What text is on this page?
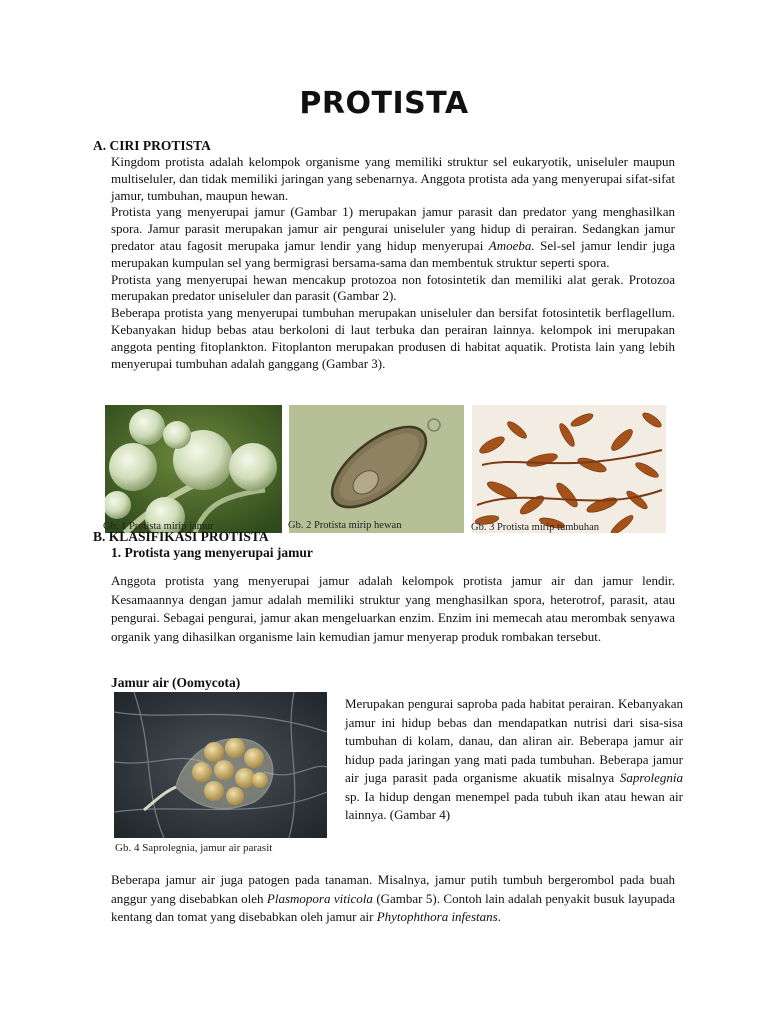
PROTISTA
A. CIRI PROTISTA
Kingdom protista adalah kelompok organisme yang memiliki struktur sel eukaryotik, uniseluler maupun multiseluler, dan tidak memiliki jaringan yang sebenarnya. Anggota protista ada yang menyerupai sifat-sifat jamur, tumbuhan, maupun hewan.
Protista yang menyerupai jamur (Gambar 1) merupakan jamur parasit dan predator yang menghasilkan spora. Jamur parasit merupakan jamur air pengurai uniseluler yang hidup di perairan. Sedangkan jamur predator atau fagosit merupaka jamur lendir yang hidup menyerupai Amoeba. Sel-sel jamur lendir juga merupakan kumpulan sel yang bermigrasi bersama-sama dan membentuk struktur seperti spora.
Protista yang menyerupai hewan mencakup protozoa non fotosintetik dan memiliki alat gerak. Protozoa merupakan predator uniseluler dan parasit (Gambar 2).
Beberapa protista yang menyerupai tumbuhan merupakan uniseluler dan bersifat fotosintetik berflagellum. Kebanyakan hidup bebas atau berkoloni di laut terbuka dan perairan lainnya. kelompok ini merupakan anggota penting fitoplankton. Fitoplanton merupakan produsen di habitat aquatik. Protista lain yang lebih menyerupai tumbuhan adalah ganggang (Gambar 3).
Gb. 1 Protista mirip jamur	Gb. 2 Protista mirip hewan	Gb. 3 Protista mirip tumbuhan
B. KLASIFIKASI PROTISTA
1. Protista yang menyerupai jamur
Anggota protista yang menyerupai jamur adalah kelompok protista jamur air dan jamur lendir. Kesamaannya dengan jamur adalah memiliki struktur yang menghasilkan spora, heterotrof, parasit, atau pengurai. Sebagai pengurai, jamur akan mengeluarkan enzim. Enzim ini memecah atau merombak senyawa organik yang dihasilkan organisme lain kemudian jamur menyerap produk rombakan tersebut.
Jamur air (Oomycota)
Gb. 4 Saprolegnia, jamur air parasit
Merupakan pengurai saproba pada habitat perairan. Kebanyakan jamur ini hidup bebas dan mendapatkan nutrisi dari sisa-sisa tumbuhan di kolam, danau, dan aliran air. Beberapa jamur air hidup pada jaringan yang mati pada tumbuhan. Beberapa jamur air juga parasit pada organisme akuatik misalnya Saprolegnia sp. Ia hidup dengan menempel pada tubuh ikan atau hewan air lainnya. (Gambar 4)
Beberapa jamur air juga patogen pada tanaman. Misalnya, jamur putih tumbuh bergerombol pada buah anggur yang disebabkan oleh Plasmopora viticola (Gambar 5). Contoh lain adalah penyakit busuk layupada kentang dan tomat yang disebabkan oleh jamur air Phytophthora infestans.
